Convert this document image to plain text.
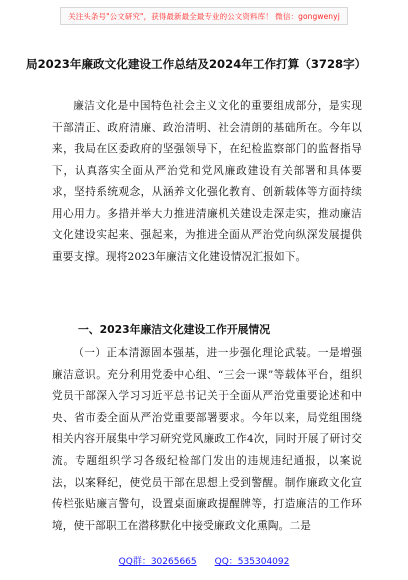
关注头条号"公文研究"，获得最新最全最专业的公文资料库！ 微信：gongwenyj
局2023年廉政文化建设工作总结及2024年工作打算（3728字）

廉洁文化是中国特色社会主义文化的重要组成部分，是实现干部清正、政府清廉、政治清明、社会清朗的基础所在。今年以来，我局在区委政府的坚强领导下，在纪检监察部门的监督指导下，认真落实全面从严治党和党风廉政建设有关部署和具体要求，坚持系统观念，从涵养文化强化教育、创新载体等方面持续用心用力。多措并举大力推进清廉机关建设走深走实，推动廉洁文化建设实起来、强起来，为推进全面从严治党向纵深发展提供重要支撑。现将2023年廉洁文化建设情况汇报如下。

一、2023年廉洁文化建设工作开展情况

（一）正本清源固本强基，进一步强化理论武装。一是增强廉洁意识。充分利用党委中心组、“三会一课”等载体平台，组织党员干部深入学习习近平总书记关于全面从严治党重要论述和中央、省市委全面从严治党重要部署要求。今年以来，局党组围绕相关内容开展集中学习研究党风廉政工作4次，同时开展了研讨交流。专题组织学习各级纪检部门发出的违规违纪通报，以案说法，以案释纪，使党员干部在思想上受到警醒。制作廉政文化宣传栏张贴廉言警句，设置桌面廉政提醒牌等，打造廉洁的工作环境，使干部职工在潜移默化中接受廉政文化熏陶。二是

QQ群：30265665 QQ：535304092
